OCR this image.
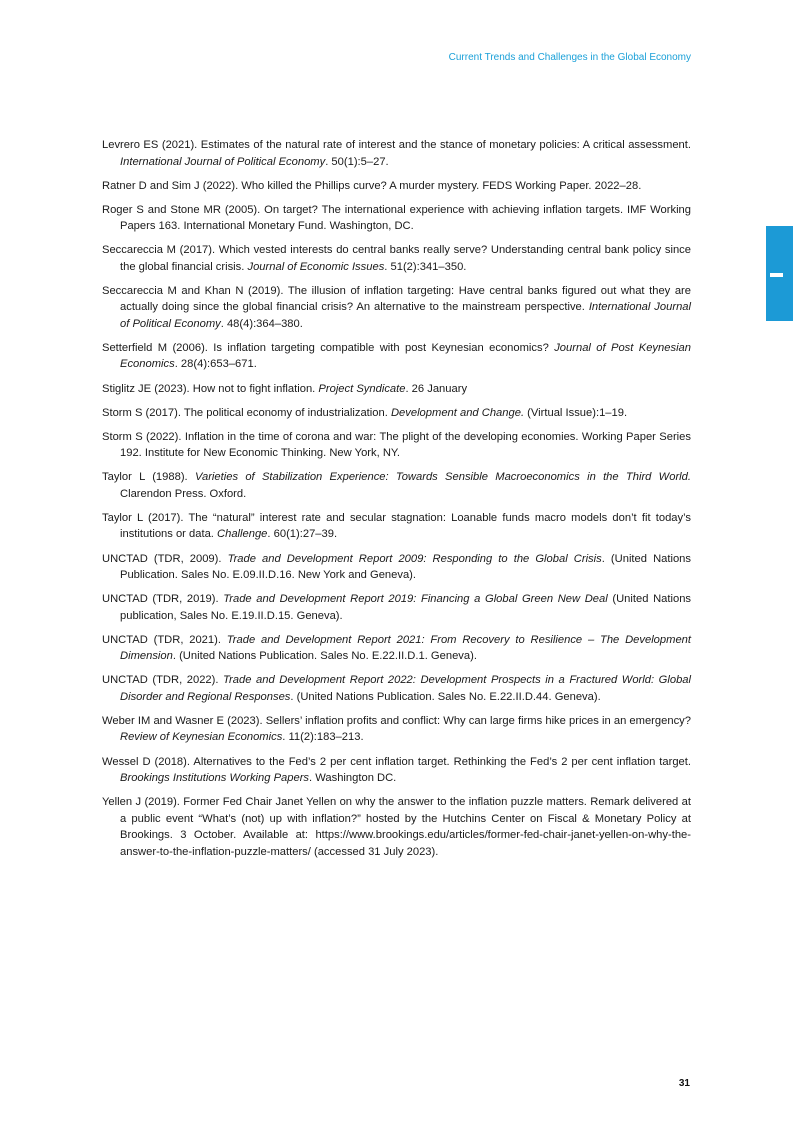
Current Trends and Challenges in the Global Economy
Levrero ES (2021). Estimates of the natural rate of interest and the stance of monetary policies: A critical assessment. International Journal of Political Economy. 50(1):5–27.
Ratner D and Sim J (2022). Who killed the Phillips curve? A murder mystery. FEDS Working Paper. 2022–28.
Roger S and Stone MR (2005). On target? The international experience with achieving inflation targets. IMF Working Papers 163. International Monetary Fund. Washington, DC.
Seccareccia M (2017). Which vested interests do central banks really serve? Understanding central bank policy since the global financial crisis. Journal of Economic Issues. 51(2):341–350.
Seccareccia M and Khan N (2019). The illusion of inflation targeting: Have central banks figured out what they are actually doing since the global financial crisis? An alternative to the mainstream perspective. International Journal of Political Economy. 48(4):364–380.
Setterfield M (2006). Is inflation targeting compatible with post Keynesian economics? Journal of Post Keynesian Economics. 28(4):653–671.
Stiglitz JE (2023). How not to fight inflation. Project Syndicate. 26 January
Storm S (2017). The political economy of industrialization. Development and Change. (Virtual Issue):1–19.
Storm S (2022). Inflation in the time of corona and war: The plight of the developing economies. Working Paper Series 192. Institute for New Economic Thinking. New York, NY.
Taylor L (1988). Varieties of Stabilization Experience: Towards Sensible Macroeconomics in the Third World. Clarendon Press. Oxford.
Taylor L (2017). The “natural” interest rate and secular stagnation: Loanable funds macro models don’t fit today’s institutions or data. Challenge. 60(1):27–39.
UNCTAD (TDR, 2009). Trade and Development Report 2009: Responding to the Global Crisis. (United Nations Publication. Sales No. E.09.II.D.16. New York and Geneva).
UNCTAD (TDR, 2019). Trade and Development Report 2019: Financing a Global Green New Deal (United Nations publication, Sales No. E.19.II.D.15. Geneva).
UNCTAD (TDR, 2021). Trade and Development Report 2021: From Recovery to Resilience – The Development Dimension. (United Nations Publication. Sales No. E.22.II.D.1. Geneva).
UNCTAD (TDR, 2022). Trade and Development Report 2022: Development Prospects in a Fractured World: Global Disorder and Regional Responses. (United Nations Publication. Sales No. E.22.II.D.44. Geneva).
Weber IM and Wasner E (2023). Sellers’ inflation profits and conflict: Why can large firms hike prices in an emergency? Review of Keynesian Economics. 11(2):183–213.
Wessel D (2018). Alternatives to the Fed’s 2 per cent inflation target. Rethinking the Fed’s 2 per cent inflation target. Brookings Institutions Working Papers. Washington DC.
Yellen J (2019). Former Fed Chair Janet Yellen on why the answer to the inflation puzzle matters. Remark delivered at a public event “What’s (not) up with inflation?” hosted by the Hutchins Center on Fiscal & Monetary Policy at Brookings. 3 October. Available at: https://www.brookings.edu/articles/former-fed-chair-janet-yellen-on-why-the-answer-to-the-inflation-puzzle-matters/ (accessed 31 July 2023).
31
